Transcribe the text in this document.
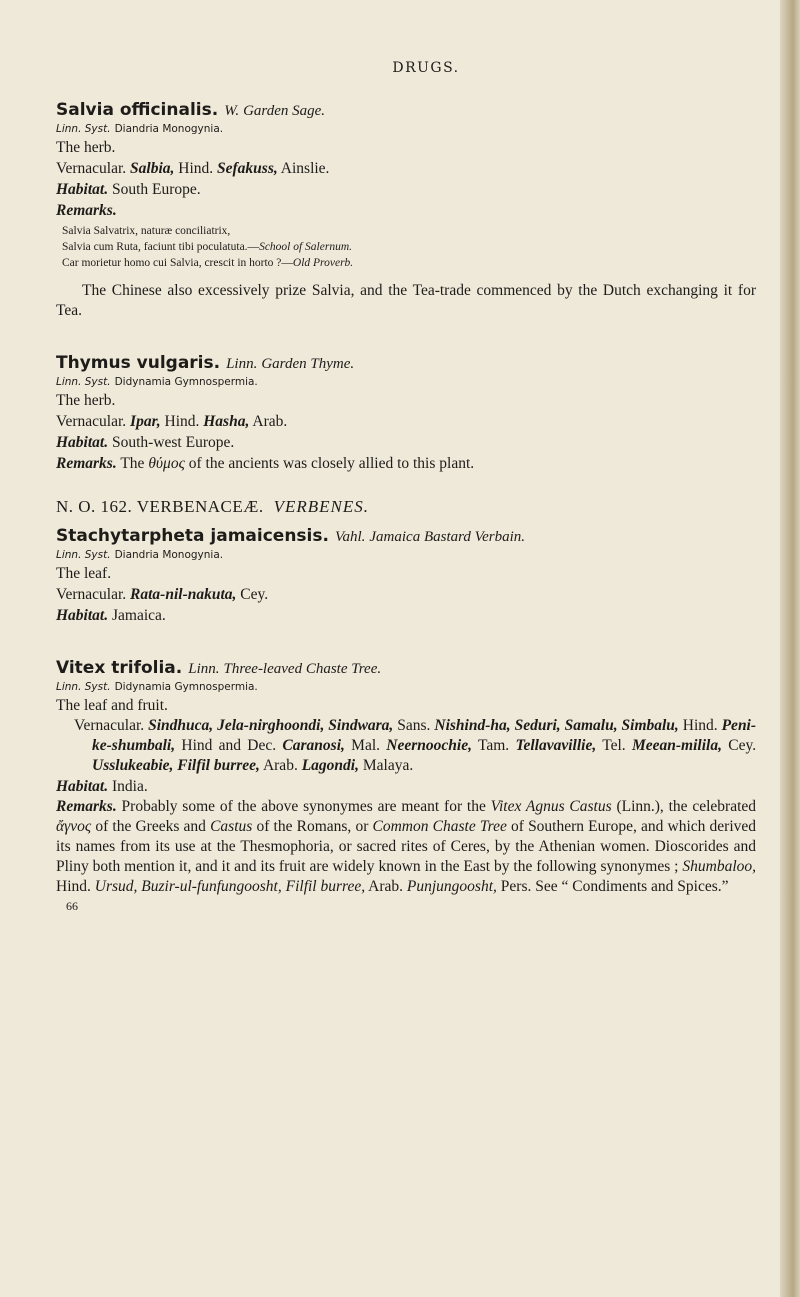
DRUGS.
Salvia officinalis. W. Garden Sage.
Linn. Syst. Diandria Monogynia.
The herb.
Vernacular. Salbia, Hind. Sefakuss, Ainslie.
Habitat. South Europe.
Remarks.
Salvia Salvatrix, naturæ conciliatrix,
Salvia cum Ruta, faciunt tibi poculatuta.—School of Salernum.
Car morietur homo cui Salvia, crescit in horto ?—Old Proverb.
The Chinese also excessively prize Salvia, and the Tea-trade commenced by the Dutch exchanging it for Tea.
Thymus vulgaris. Linn. Garden Thyme.
Linn. Syst. Didynamia Gymnospermia.
The herb.
Vernacular. Ipar, Hind. Hasha, Arab.
Habitat. South-west Europe.
Remarks. The θύμος of the ancients was closely allied to this plant.
N. O. 162. VERBENACEÆ. VERBENES.
Stachytarpheta jamaicensis. Vahl. Jamaica Bastard Verbain.
Linn. Syst. Diandria Monogynia.
The leaf.
Vernacular. Rata-nil-nakuta, Cey.
Habitat. Jamaica.
Vitex trifolia. Linn. Three-leaved Chaste Tree.
Linn. Syst. Didynamia Gymnospermia.
The leaf and fruit.
Vernacular. Sindhuca, Jela-nirghoondi, Sindwara, Sans. Nishind-ha, Seduri, Samalu, Simbalu, Hind. Peni-ke-shumbali, Hind and Dec. Caranosi, Mal. Neernoochie, Tam. Tellavavillie, Tel. Meean-milila, Cey. Usslukeabie, Filfil burree, Arab. Lagondi, Malaya.
Habitat. India.
Remarks. Probably some of the above synonymes are meant for the Vitex Agnus Castus (Linn.), the celebrated ἄγνος of the Greeks and Castus of the Romans, or Common Chaste Tree of Southern Europe, and which derived its names from its use at the Thesmophoria, or sacred rites of Ceres, by the Athenian women. Dioscorides and Pliny both mention it, and it and its fruit are widely known in the East by the following synonymes ; Shumbaloo, Hind. Ursud, Buzir-ul-funfungoosht, Filfil burree, Arab. Punjungoosht, Pers. See “ Condiments and Spices.”
66
